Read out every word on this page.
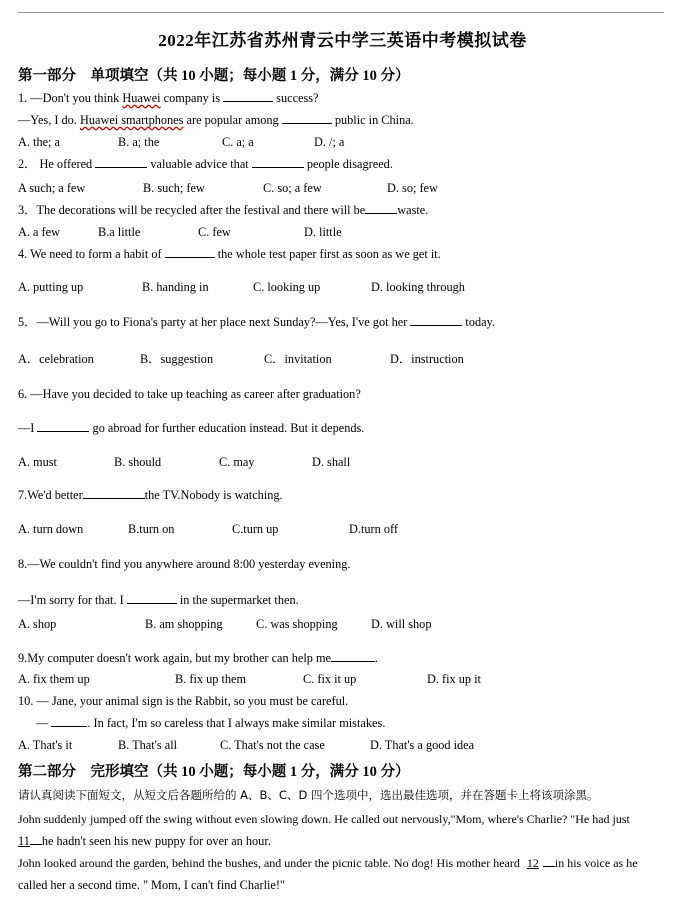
2022年江苏省苏州青云中学三英语中考模拟试卷
第一部分　单项填空（共 10 小题；每小题 1 分，满分 10 分）
1. —Don't you think Huawei company is	success?
—Yes, I do. Huawei smartphones are popular among	public in China.
A. the; a	B. a; the	C. a; a	D. /; a
2． He offered	valuable advice that	people disagreed.
A such; a few	B. such; few	C. so; a few	D. so; few
3．The decorations will be recycled after the festival and there will be	waste.
A. a few	B.a little	C. few	D. little
4. We need to form a habit of	the whole test paper first as soon as we get it.
A. putting up	B. handing in	C. looking up	D. looking through
5．—Will you go to Fiona's party at her place next Sunday?—Yes, I've got her	today.
A．celebration	B．suggestion	C．invitation	D．instruction
6. —Have you decided to take up teaching as career after graduation?
—I	go abroad for further education instead. But it depends.
A. must	B. should	C. may	D. shall
7.We'd better	the TV.Nobody is watching.
A. turn down	B.turn on	C.turn up	D.turn off
8.—We couldn't find you anywhere around 8:00 yesterday evening.
—I'm sorry for that. I	in the supermarket then.
A. shop	B. am shopping	C. was shopping	D. will shop
9.My computer doesn't work again, but my brother can help me	.
A. fix them up	B. fix up them	C. fix it up	D. fix up it
10. — Jane, your animal sign is the Rabbit, so you must be careful.
—	. In fact, I'm so careless that I always make similar mistakes.
A. That's it	B. That's all	C. That's not the case	D. That's a good idea
第二部分　完形填空（共 10 小题；每小题 1 分，满分 10 分）
请认真阅读下面短文，从短文后各题所给的 A、B、C、D 四个选项中，选出最佳选项，并在答题卡上将该项涂黑。
John suddenly jumped off the swing without even slowing down. He called out nervously,"Mom, where's Charlie? "He had just
11 he hadn't seen his new puppy for over an hour.
John looked around the garden, behind the bushes, and under the picnic table. No dog! His mother heard 12 in his voice as he
called her a second time. " Mom, I can't find Charlie!"
